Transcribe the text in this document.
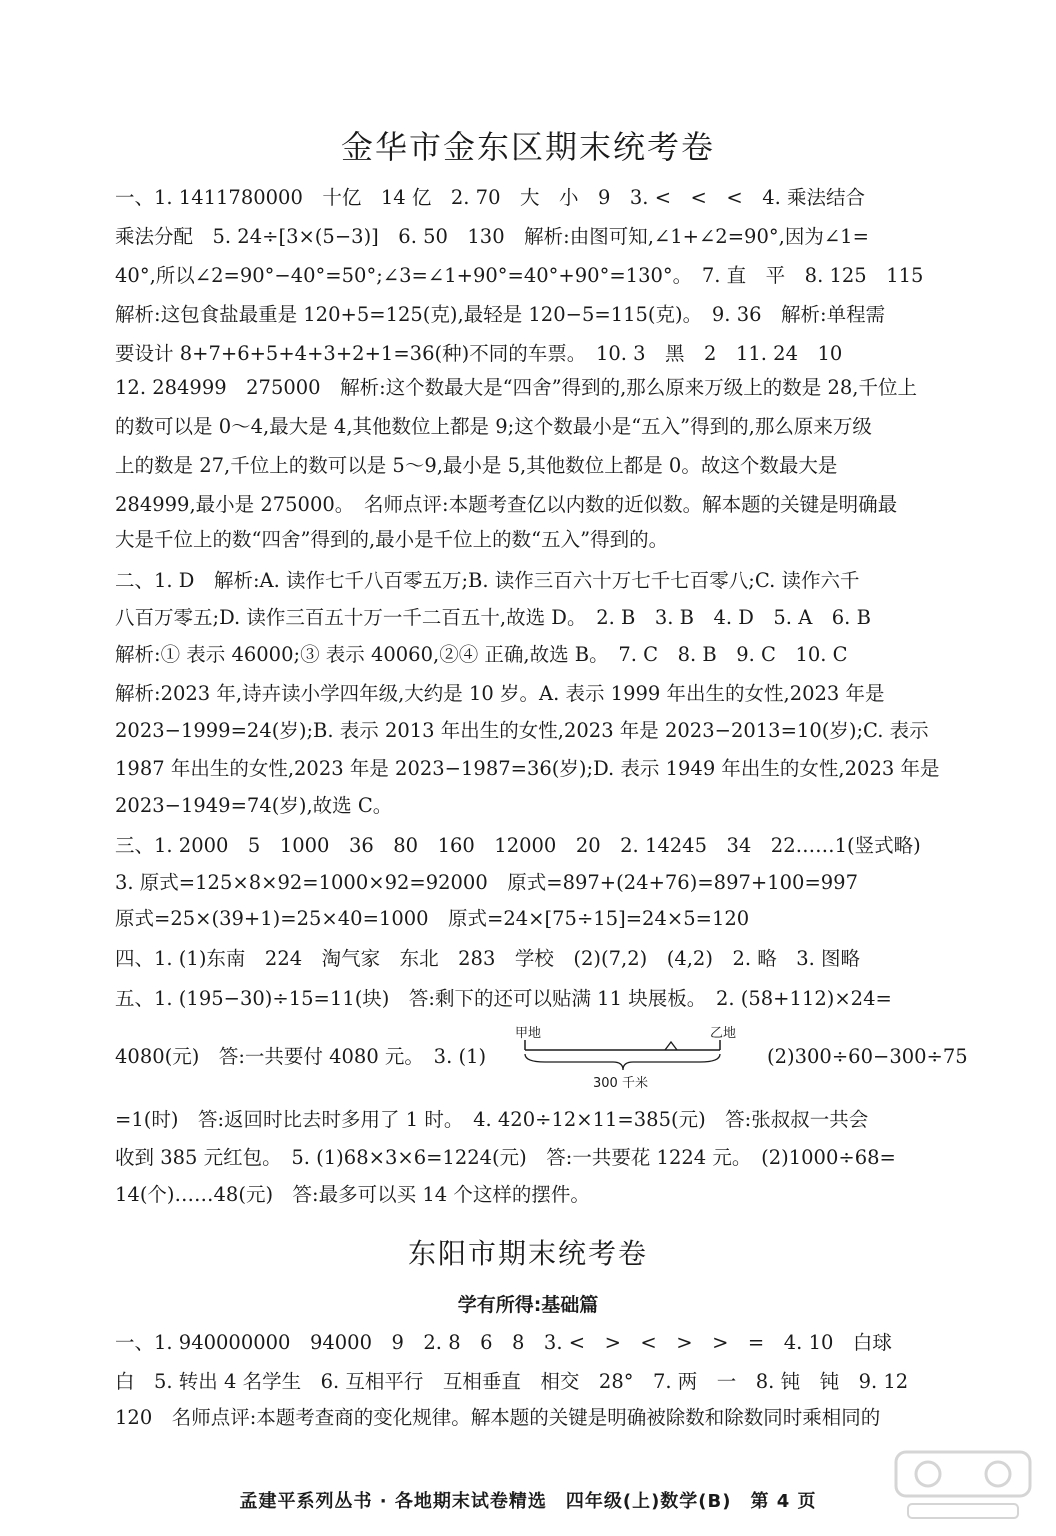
金华市金东区期末统考卷
一、1. 1411780000　十亿　14 亿　2. 70　大　小　9　3. <　<　<　4. 乘法结合
乘法分配　5. 24÷[3×(5−3)]　6. 50　130　解析:由图可知,∠1+∠2=90°,因为∠1=
40°,所以∠2=90°−40°=50°;∠3=∠1+90°=40°+90°=130°。　7. 直　平　8. 125　115
解析:这包食盐最重是 120+5=125(克),最轻是 120−5=115(克)。　9. 36　解析:单程需
要设计 8+7+6+5+4+3+2+1=36(种)不同的车票。　10. 3　黑　2　11. 24　10
12. 284999　275000　解析:这个数最大是“四舍”得到的,那么原来万级上的数是 28,千位上
的数可以是 0～4,最大是 4,其他数位上都是 9;这个数最小是“五入”得到的,那么原来万级
上的数是 27,千位上的数可以是 5～9,最小是 5,其他数位上都是 0。故这个数最大是
284999,最小是 275000。　名师点评:本题考查亿以内数的近似数。解本题的关键是明确最
大是千位上的数“四舍”得到的,最小是千位上的数“五入”得到的。
二、1. D　解析:A. 读作七千八百零五万;B. 读作三百六十万七千七百零八;C. 读作六千
八百万零五;D. 读作三百五十万一千二百五十,故选 D。　2. B　3. B　4. D　5. A　6. B
解析:① 表示 46000;③ 表示 40060,②④ 正确,故选 B。　7. C　8. B　9. C　10. C
解析:2023 年,诗卉读小学四年级,大约是 10 岁。A. 表示 1999 年出生的女性,2023 年是
2023−1999=24(岁);B. 表示 2013 年出生的女性,2023 年是 2023−2013=10(岁);C. 表示
1987 年出生的女性,2023 年是 2023−1987=36(岁);D. 表示 1949 年出生的女性,2023 年是
2023−1949=74(岁),故选 C。
三、1. 2000　5　1000　36　80　160　12000　20　2. 14245　34　22……1(竖式略)
3. 原式=125×8×92=1000×92=92000　原式=897+(24+76)=897+100=997
原式=25×(39+1)=25×40=1000　原式=24×[75÷15]=24×5=120
四、1. (1)东南　224　淘气家　东北　283　学校　(2)(7,2)　(4,2)　2. 略　3. 图略
五、1. (195−30)÷15=11(块)　答:剩下的还可以贴满 11 块展板。　2. (58+112)×24=
4080(元)　答:一共要付 4080 元。　3. (1)	(2)300÷60−300÷75
甲地	乙地
300 千米
=1(时)　答:返回时比去时多用了 1 时。　4. 420÷12×11=385(元)　答:张叔叔一共会
收到 385 元红包。　5. (1)68×3×6=1224(元)　答:一共要花 1224 元。　(2)1000÷68=
14(个)……48(元)　答:最多可以买 14 个这样的摆件。
东阳市期末统考卷
学有所得:基础篇
一、1. 940000000　94000　9　2. 8　6　8　3. <　>　<　>　>　=　4. 10　白球
白　5. 转出 4 名学生　6. 互相平行　互相垂直　相交　28°　7. 两　一　8. 钝　钝　9. 12
120　名师点评:本题考查商的变化规律。解本题的关键是明确被除数和除数同时乘相同的
孟建平系列丛书 · 各地期末试卷精选　四年级(上)数学(B)　第 4 页
